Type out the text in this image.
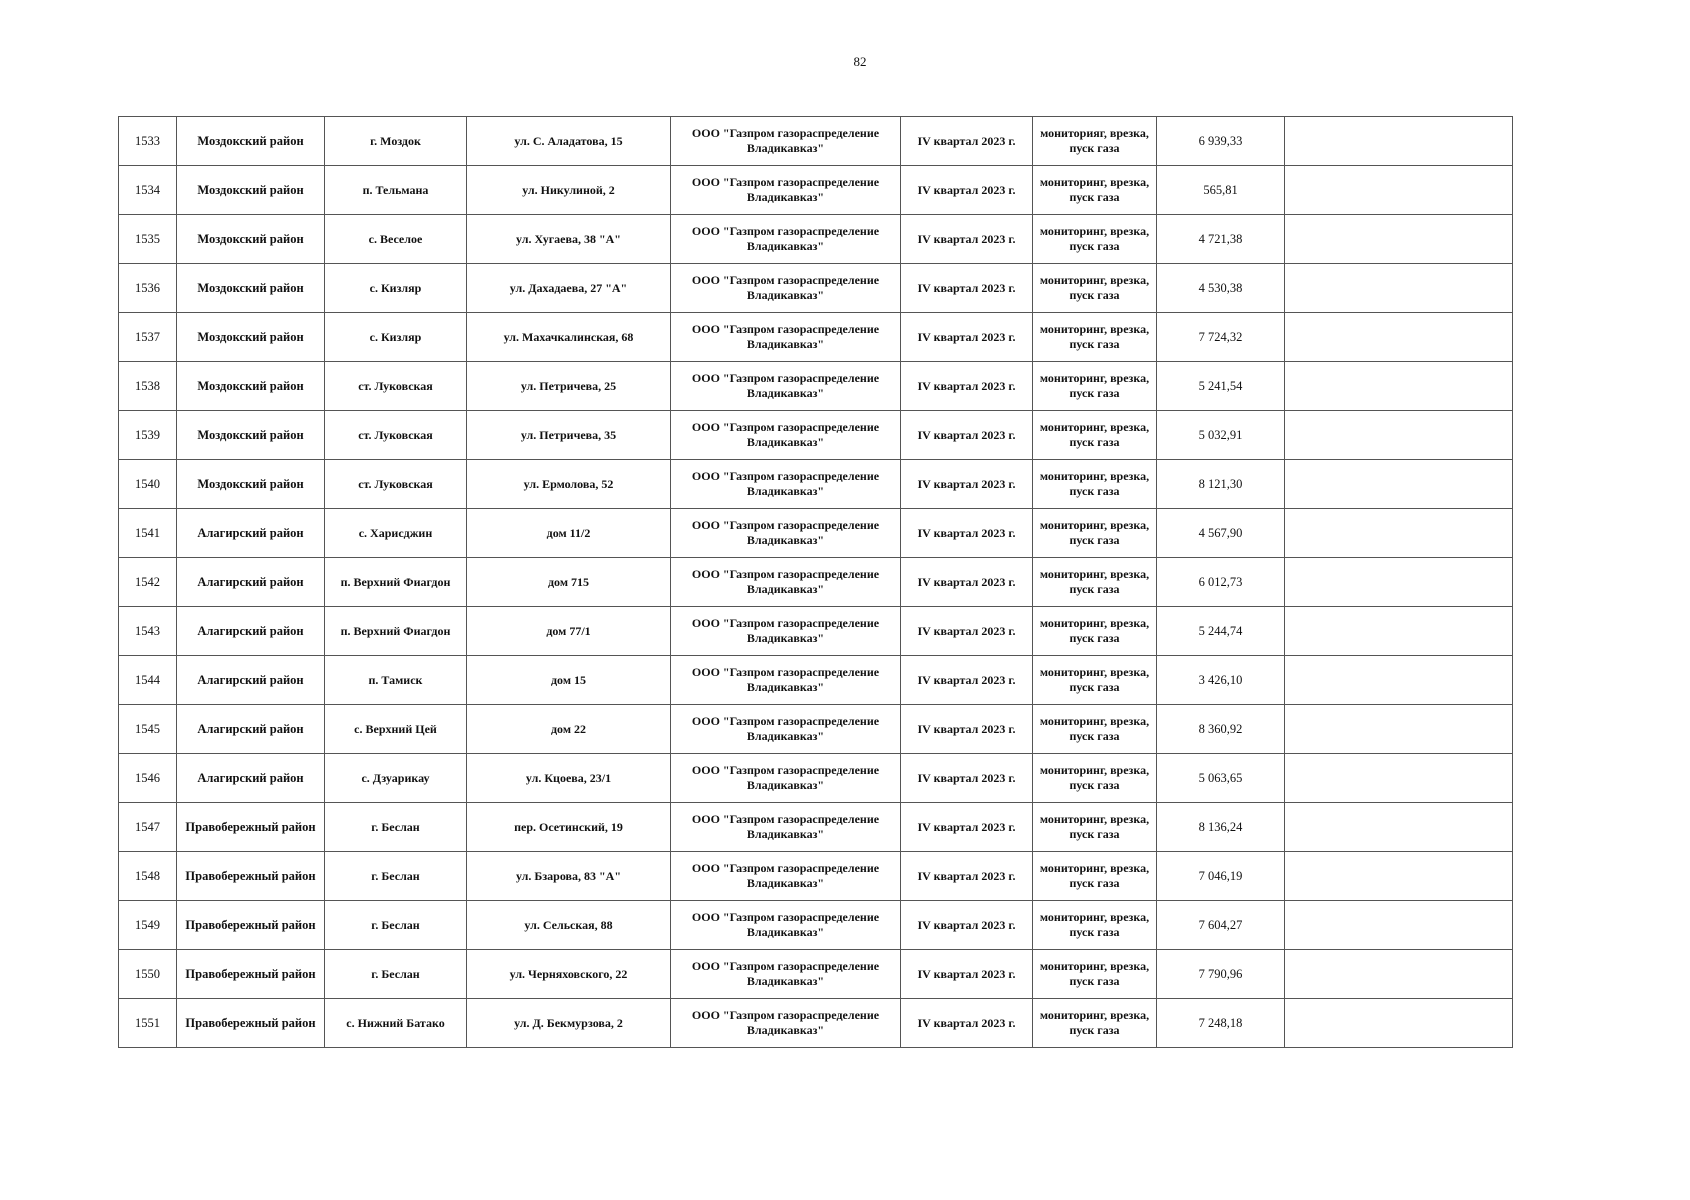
82
1533	Моздокский район	г. Моздок	ул. С. Аладатова, 15	ООО "Газпром газораспределение Владикавказ"	IV квартал 2023 г.	мониторияг, врезка, пуск газа	6 939,33	
1534	Моздокский район	п. Тельмана	ул. Никулиной, 2	ООО "Газпром газораспределение Владикавказ"	IV квартал 2023 г.	мониторинг, врезка, пуск газа	565,81	
1535	Моздокский район	с. Веселое	ул. Хугаева, 38 "А"	ООО "Газпром газораспределение Владикавказ"	IV квартал 2023 г.	мониторинг, врезка, пуск газа	4 721,38	
1536	Моздокский район	с. Кизляр	ул. Дахадаева, 27 "А"	ООО "Газпром газораспределение Владикавказ"	IV квартал 2023 г.	мониторинг, врезка, пуск газа	4 530,38	
1537	Моздокский район	с. Кизляр	ул. Махачкалинская, 68	ООО "Газпром газораспределение Владикавказ"	IV квартал 2023 г.	мониторинг, врезка, пуск газа	7 724,32	
1538	Моздокский район	ст. Луковская	ул. Петричева, 25	ООО "Газпром газораспределение Владикавказ"	IV квартал 2023 г.	мониторинг, врезка, пуск газа	5 241,54	
1539	Моздокский район	ст. Луковская	ул. Петричева, 35	ООО "Газпром газораспределение Владикавказ"	IV квартал 2023 г.	мониторинг, врезка, пуск газа	5 032,91	
1540	Моздокский район	ст. Луковская	ул. Ермолова, 52	ООО "Газпром газораспределение Владикавказ"	IV квартал 2023 г.	мониторинг, врезка, пуск газа	8 121,30	
1541	Алагирский район	с. Харисджин	дом 11/2	ООО "Газпром газораспределение Владикавказ"	IV квартал 2023 г.	мониторинг, врезка, пуск газа	4 567,90	
1542	Алагирский район	п. Верхний Фиагдон	дом 715	ООО "Газпром газораспределение Владикавказ"	IV квартал 2023 г.	мониторинг, врезка, пуск газа	6 012,73	
1543	Алагирский район	п. Верхний Фиагдон	дом 77/1	ООО "Газпром газораспределение Владикавказ"	IV квартал 2023 г.	мониторинг, врезка, пуск газа	5 244,74	
1544	Алагирский район	п. Тамиск	дом 15	ООО "Газпром газораспределение Владикавказ"	IV квартал 2023 г.	мониторинг, врезка, пуск газа	3 426,10	
1545	Алагирский район	с. Верхний Цей	дом 22	ООО "Газпром газораспределение Владикавказ"	IV квартал 2023 г.	мониторинг, врезка, пуск газа	8 360,92	
1546	Алагирский район	с. Дзуарикау	ул. Кцоева, 23/1	ООО "Газпром газораспределение Владикавказ"	IV квартал 2023 г.	мониторинг, врезка, пуск газа	5 063,65	
1547	Правобережный район	г. Беслан	пер. Осетинский, 19	ООО "Газпром газораспределение Владикавказ"	IV квартал 2023 г.	мониторинг, врезка, пуск газа	8 136,24	
1548	Правобережный район	г. Беслан	ул. Бзарова, 83 "А"	ООО "Газпром газораспределение Владикавказ"	IV квартал 2023 г.	мониторинг, врезка, пуск газа	7 046,19	
1549	Правобережный район	г. Беслан	ул. Сельская, 88	ООО "Газпром газораспределение Владикавказ"	IV квартал 2023 г.	мониторинг, врезка, пуск газа	7 604,27	
1550	Правобережный район	г. Беслан	ул. Черняховского, 22	ООО "Газпром газораспределение Владикавказ"	IV квартал 2023 г.	мониторинг, врезка, пуск газа	7 790,96	
1551	Правобережный район	с. Нижний Батако	ул. Д. Бекмурзова, 2	ООО "Газпром газораспределение Владикавказ"	IV квартал 2023 г.	мониторинг, врезка, пуск газа	7 248,18	
